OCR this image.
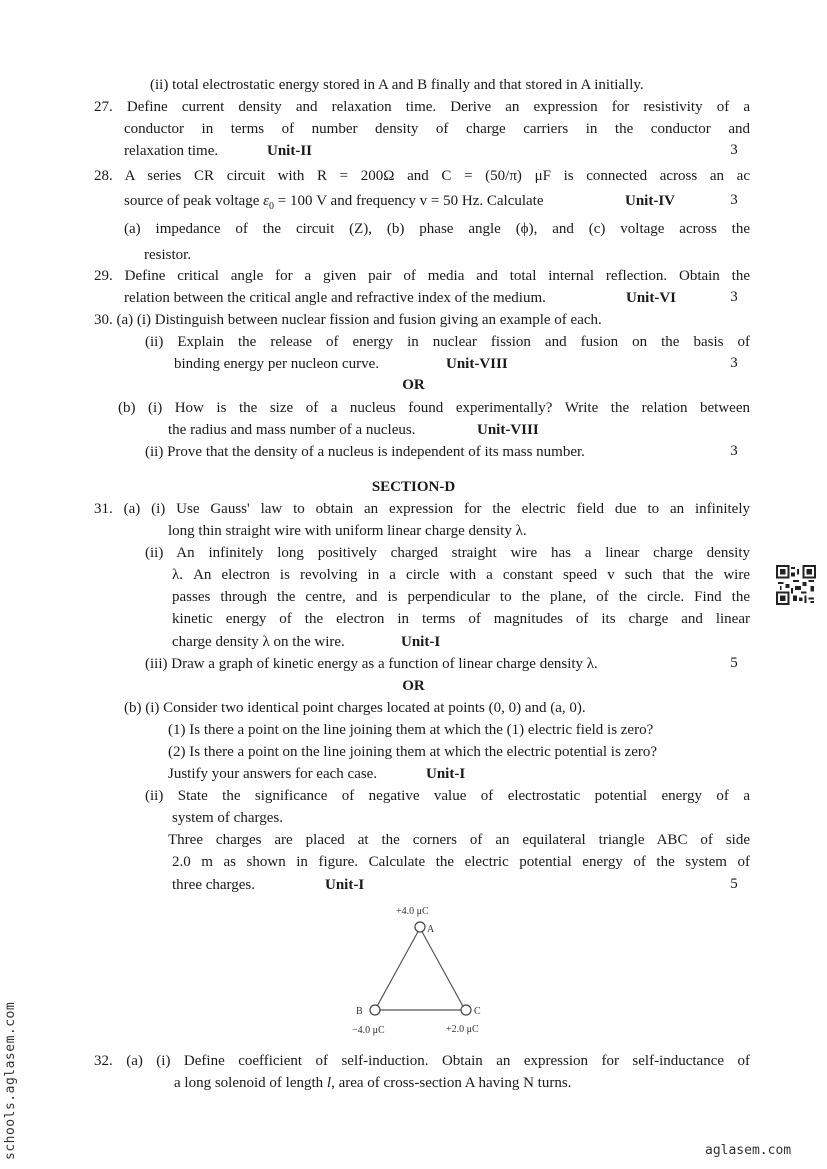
(ii) total electrostatic energy stored in A and B finally and that stored in A initially.
27. Define current density and relaxation time. Derive an expression for resistivity of a
conductor in terms of number density of charge carriers in the conductor and
relaxation time.	Unit-II	3
28. A series CR circuit with R = 200Ω and C = (50/π) μF is connected across an ac
source of peak voltage $\varepsilon_0 = 100$ V and frequency v = 50 Hz. Calculate	Unit-IV	3
(a) impedance of the circuit (Z), (b) phase angle (ϕ), and (c) voltage across the
resistor.
29. Define critical angle for a given pair of media and total internal reflection. Obtain the
relation between the critical angle and refractive index of the medium.	Unit-VI	3
30. (a) (i) Distinguish between nuclear fission and fusion giving an example of each.
(ii) Explain the release of energy in nuclear fission and fusion on the basis of
binding energy per nucleon curve.	Unit-VIII	3
OR
(b) (i) How is the size of a nucleus found experimentally? Write the relation between
the radius and mass number of a nucleus.	Unit-VIII
(ii) Prove that the density of a nucleus is independent of its mass number.	3
SECTION-D
31. (a) (i) Use Gauss' law to obtain an expression for the electric field due to an infinitely
long thin straight wire with uniform linear charge density λ.
(ii) An infinitely long positively charged straight wire has a linear charge density
λ. An electron is revolving in a circle with a constant speed v such that the wire
passes through the centre, and is perpendicular to the plane, of the circle. Find the
kinetic energy of the electron in terms of magnitudes of its charge and linear
charge density λ on the wire.	Unit-I
(iii) Draw a graph of kinetic energy as a function of linear charge density λ.	5
OR
(b) (i) Consider two identical point charges located at points (0, 0) and (a, 0).
(1) Is there a point on the line joining them at which the (1) electric field is zero?
(2) Is there a point on the line joining them at which the electric potential is zero?
Justify your answers for each case.	Unit-I
(ii) State the significance of negative value of electrostatic potential energy of a
system of charges.
Three charges are placed at the corners of an equilateral triangle ABC of side
2.0 m as shown in figure. Calculate the electric potential energy of the system of
three charges.	Unit-I	5
+4.0 μC
A
B	C
−4.0 μC	+2.0 μC
32. (a) (i) Define coefficient of self-induction. Obtain an expression for self-inductance of
a long solenoid of length l, area of cross-section A having N turns.
schools.aglasem.com	aglasem.com
